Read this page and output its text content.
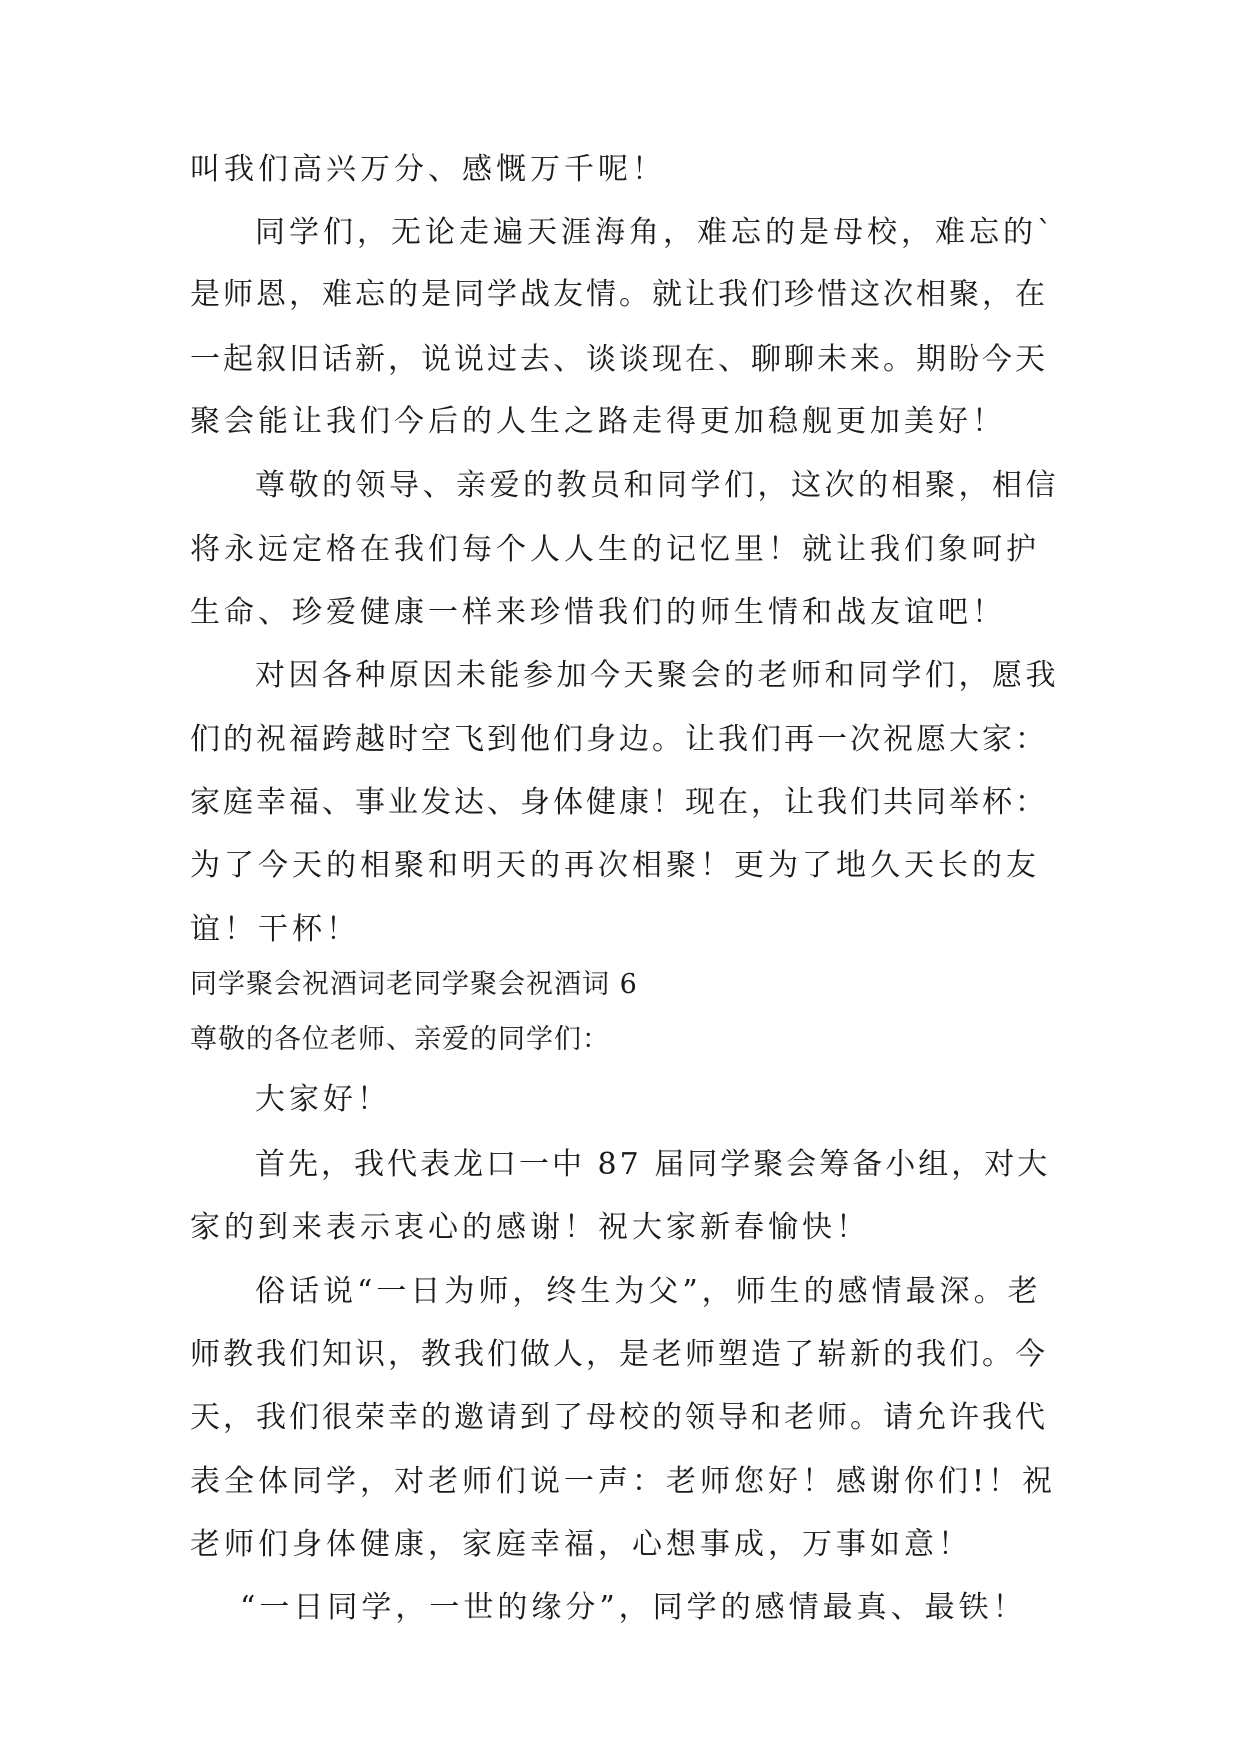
叫我们高兴万分、感慨万千呢！
同学们，无论走遍天涯海角，难忘的是母校，难忘的`
是师恩，难忘的是同学战友情。就让我们珍惜这次相聚，在
一起叙旧话新，说说过去、谈谈现在、聊聊未来。期盼今天
聚会能让我们今后的人生之路走得更加稳舰更加美好！
尊敬的领导、亲爱的教员和同学们，这次的相聚，相信
将永远定格在我们每个人人生的记忆里！就让我们象呵护
生命、珍爱健康一样来珍惜我们的师生情和战友谊吧！
对因各种原因未能参加今天聚会的老师和同学们，愿我
们的祝福跨越时空飞到他们身边。让我们再一次祝愿大家：
家庭幸福、事业发达、身体健康！现在，让我们共同举杯：
为了今天的相聚和明天的再次相聚！更为了地久天长的友
谊！干杯！
同学聚会祝酒词老同学聚会祝酒词 6
尊敬的各位老师、亲爱的同学们：
大家好！
首先，我代表龙口一中 87 届同学聚会筹备小组，对大
家的到来表示衷心的感谢！祝大家新春愉快！
俗话说“一日为师，终生为父”，师生的感情最深。老
师教我们知识，教我们做人，是老师塑造了崭新的我们。今
天，我们很荣幸的邀请到了母校的领导和老师。请允许我代
表全体同学，对老师们说一声：老师您好！感谢你们!！祝
老师们身体健康，家庭幸福，心想事成，万事如意！
“一日同学，一世的缘分”，同学的感情最真、最铁！
